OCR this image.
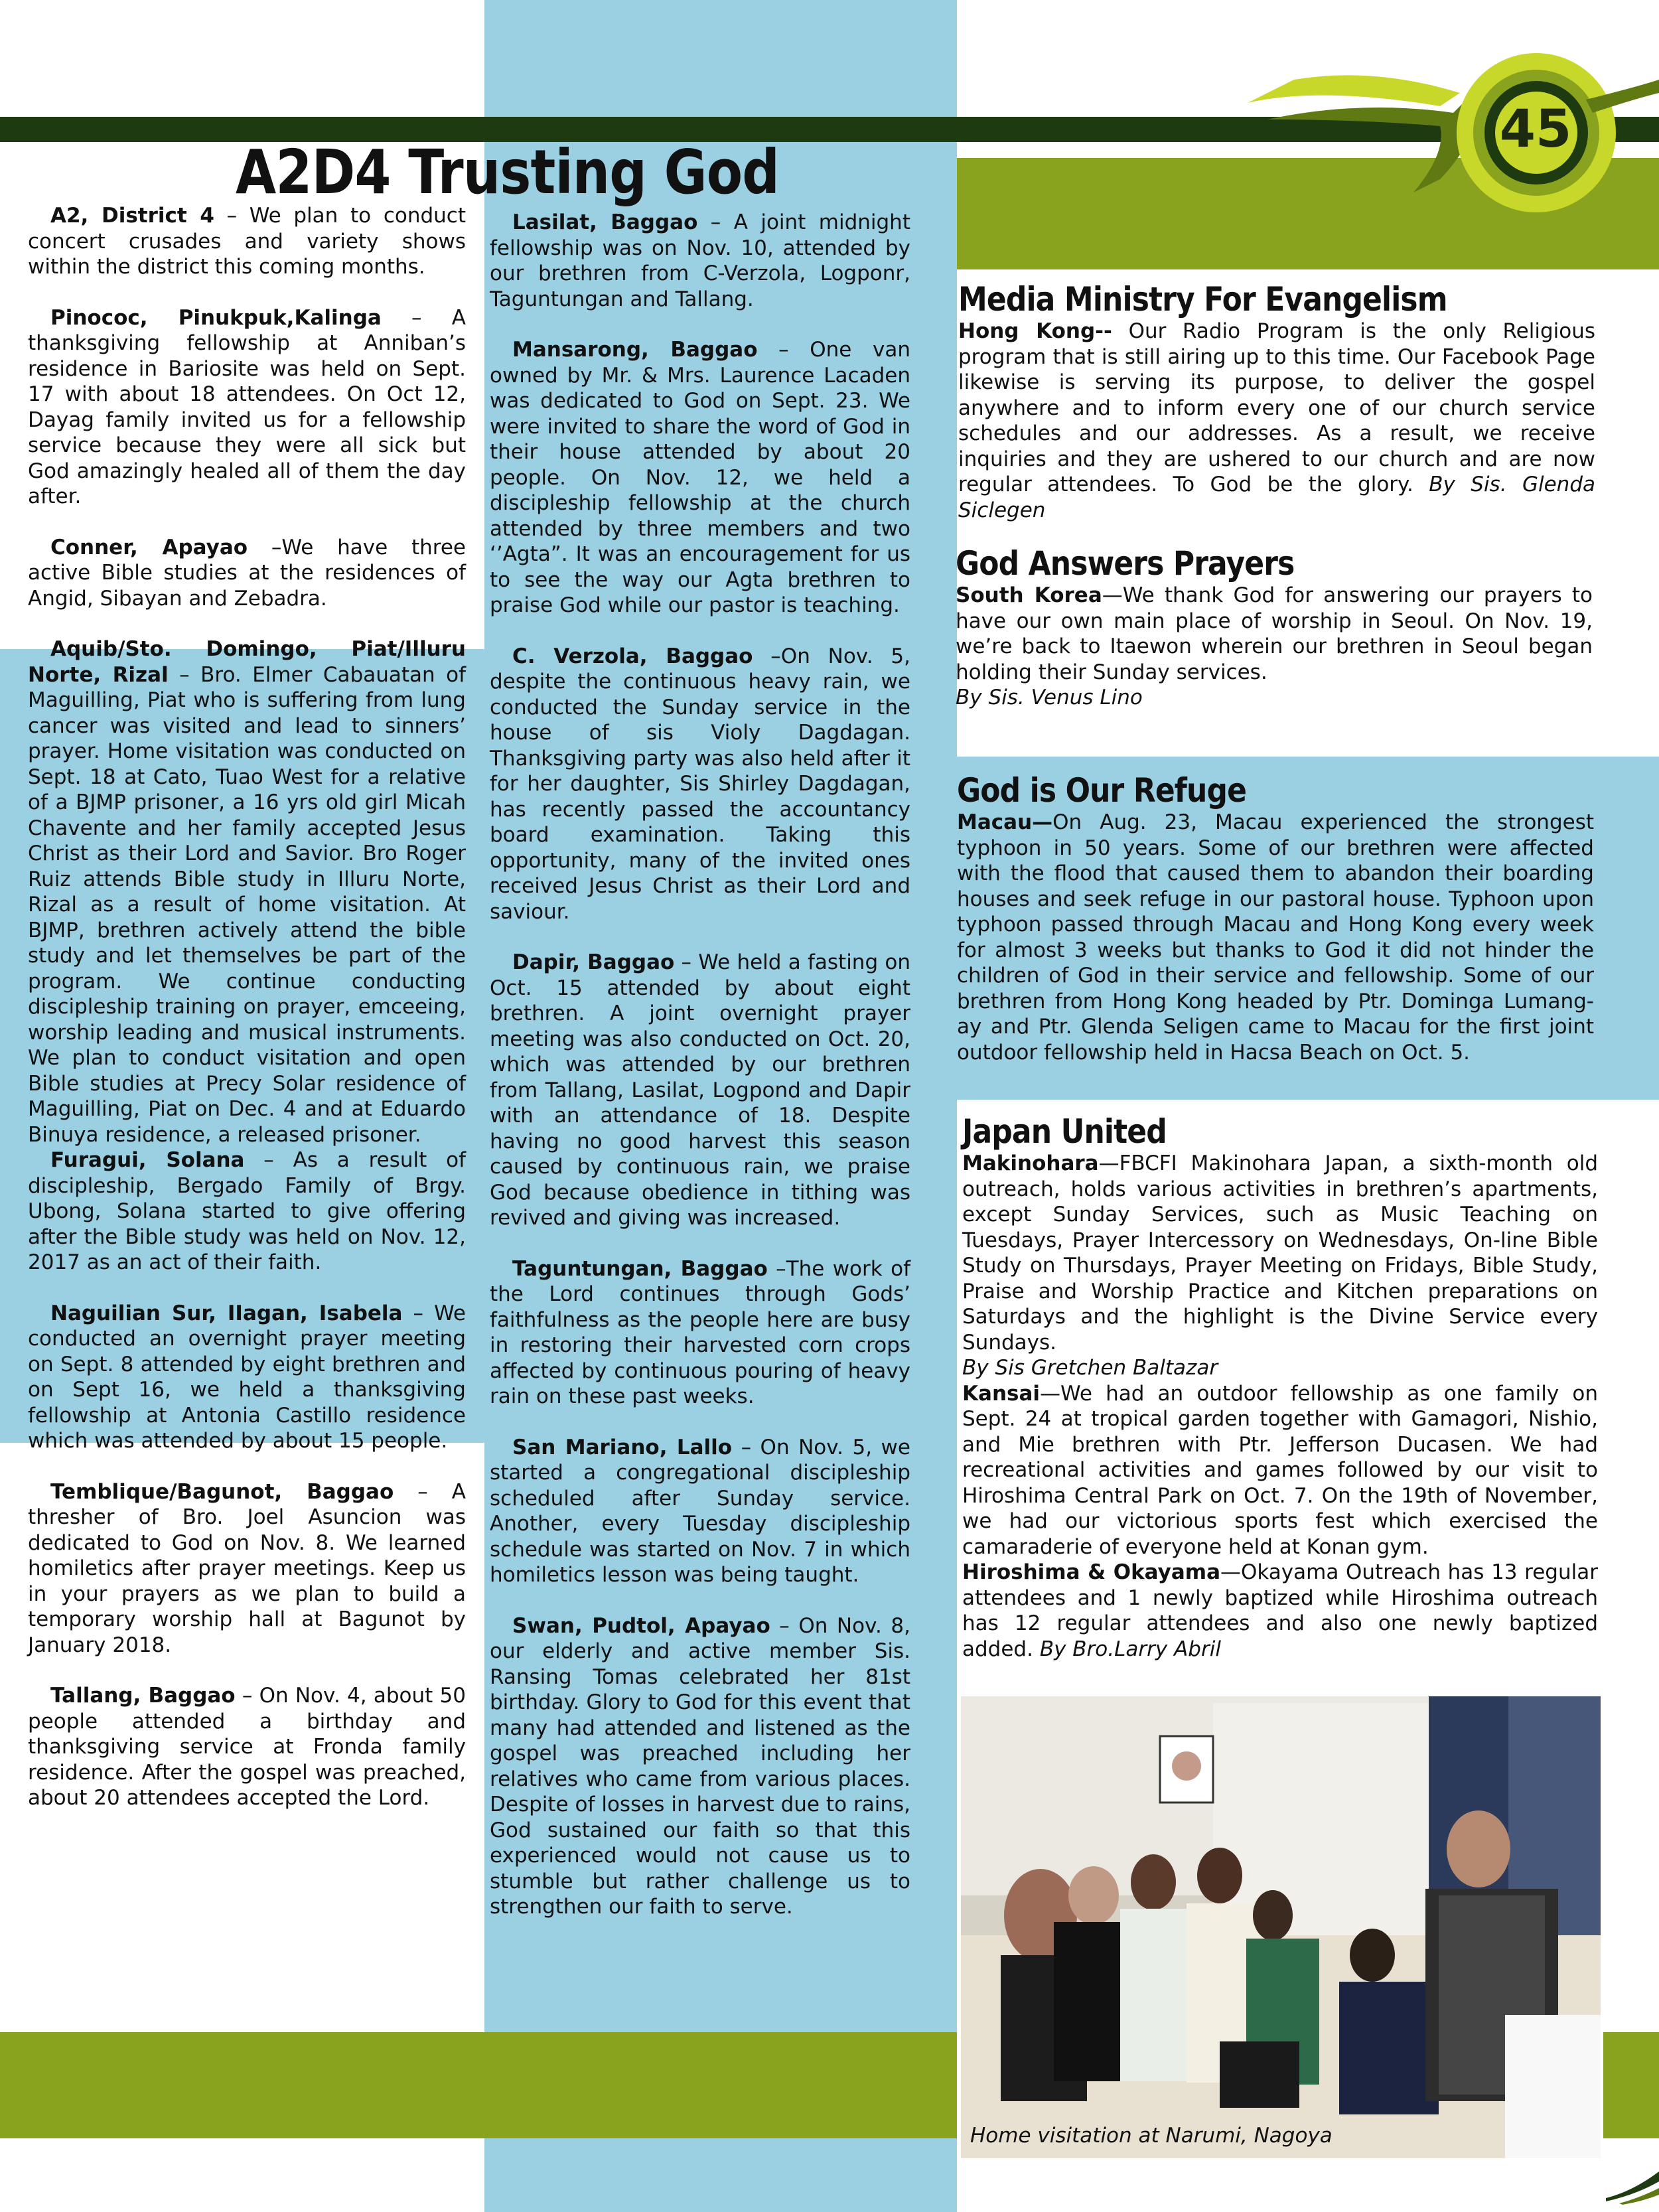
45
A2D4 Trusting God

A2, District 4 – We plan to conduct concert crusades and variety shows within the district this coming months.

Pinococ, Pinukpuk,Kalinga – A thanksgiving fellowship at Anniban’s residence in Bariosite was held on Sept. 17 with about 18 attendees. On Oct 12, Dayag family invited us for a fellowship service because they were all sick but God amazingly healed all of them the day after.

Conner, Apayao –We have three active Bible studies at the residences of Angid, Sibayan and Zebadra.

Aquib/Sto. Domingo, Piat/Illuru Norte, Rizal – Bro. Elmer Cabauatan of Maguilling, Piat who is suffering from lung cancer was visited and lead to sinners’ prayer. Home visitation was conducted on Sept. 18 at Cato, Tuao West for a relative of a BJMP prisoner, a 16 yrs old girl Micah Chavente and her family accepted Jesus Christ as their Lord and Savior. Bro Roger Ruiz attends Bible study in Illuru Norte, Rizal as a result of home visitation. At BJMP, brethren actively attend the bible study and let themselves be part of the program. We continue conducting discipleship training on prayer, emceeing, worship leading and musical instruments. We plan to conduct visitation and open Bible studies at Precy Solar residence of Maguilling, Piat on Dec. 4 and at Eduardo Binuya residence, a released prisoner.

Furagui, Solana – As a result of discipleship, Bergado Family of Brgy. Ubong, Solana started to give offering after the Bible study was held on Nov. 12, 2017 as an act of their faith.

Naguilian Sur, IIagan, Isabela – We conducted an overnight prayer meeting on Sept. 8 attended by eight brethren and on Sept 16, we held a thanksgiving fellowship at Antonia Castillo residence which was attended by about 15 people.

Temblique/Bagunot, Baggao – A thresher of Bro. Joel Asuncion was dedicated to God on Nov. 8. We learned homiletics after prayer meetings. Keep us in your prayers as we plan to build a temporary worship hall at Bagunot by January 2018.

Tallang, Baggao – On Nov. 4, about 50 people attended a birthday and thanksgiving service at Fronda family residence. After the gospel was preached, about 20 attendees accepted the Lord.

Lasilat, Baggao – A joint midnight fellowship was on Nov. 10, attended by our brethren from C-Verzola, Logponr, Taguntungan and Tallang.

Mansarong, Baggao – One van owned by Mr. & Mrs. Laurence Lacaden was dedicated to God on Sept. 23. We were invited to share the word of God in their house attended by about 20 people. On Nov. 12, we held a discipleship fellowship at the church attended by three members and two ‘’Agta”. It was an encouragement for us to see the way our Agta brethren to praise God while our pastor is teaching.

C. Verzola, Baggao –On Nov. 5, despite the continuous heavy rain, we conducted the Sunday service in the house of sis Violy Dagdagan. Thanksgiving party was also held after it for her daughter, Sis Shirley Dagdagan, has recently passed the accountancy board examination. Taking this opportunity, many of the invited ones received Jesus Christ as their Lord and saviour.

Dapir, Baggao – We held a fasting on Oct. 15 attended by about eight brethren. A joint overnight prayer meeting was also conducted on Oct. 20, which was attended by our brethren from Tallang, Lasilat, Logpond and Dapir with an attendance of 18. Despite having no good harvest this season caused by continuous rain, we praise God because obedience in tithing was revived and giving was increased.

Taguntungan, Baggao –The work of the Lord continues through Gods’ faithfulness as the people here are busy in restoring their harvested corn crops affected by continuous pouring of heavy rain on these past weeks.

San Mariano, Lallo – On Nov. 5, we started a congregational discipleship scheduled after Sunday service. Another, every Tuesday discipleship schedule was started on Nov. 7 in which homiletics lesson was being taught.

Swan, Pudtol, Apayao – On Nov. 8, our elderly and active member Sis. Ransing Tomas celebrated her 81st birthday. Glory to God for this event that many had attended and listened as the gospel was preached including her relatives who came from various places. Despite of losses in harvest due to rains, God sustained our faith so that this experienced would not cause us to stumble but rather challenge us to strengthen our faith to serve.

Media Ministry For Evangelism

Hong Kong-- Our Radio Program is the only Religious program that is still airing up to this time. Our Facebook Page likewise is serving its purpose, to deliver the gospel anywhere and to inform every one of our church service schedules and our addresses. As a result, we receive inquiries and they are ushered to our church and are now regular attendees. To God be the glory. By Sis. Glenda Siclegen

God Answers Prayers

South Korea—We thank God for answering our prayers to have our own main place of worship in Seoul. On Nov. 19, we’re back to Itaewon wherein our brethren in Seoul began holding their Sunday services.

By Sis. Venus Lino

God is Our Refuge

Macau—On Aug. 23, Macau experienced the strongest typhoon in 50 years. Some of our brethren were affected with the flood that caused them to abandon their boarding houses and seek refuge in our pastoral house. Typhoon upon typhoon passed through Macau and Hong Kong every week for almost 3 weeks but thanks to God it did not hinder the children of God in their service and fellowship. Some of our brethren from Hong Kong headed by Ptr. Dominga Lumang-ay and Ptr. Glenda Seligen came to Macau for the first joint outdoor fellowship held in Hacsa Beach on Oct. 5.

Japan United

Makinohara—FBCFI Makinohara Japan, a sixth-month old outreach, holds various activities in brethren’s apartments, except Sunday Services, such as Music Teaching on Tuesdays, Prayer Intercessory on Wednesdays, On-line Bible Study on Thursdays, Prayer Meeting on Fridays, Bible Study, Praise and Worship Practice and Kitchen preparations on Saturdays and the highlight is the Divine Service every Sundays.

By Sis Gretchen Baltazar

Kansai—We had an outdoor fellowship as one family on Sept. 24 at tropical garden together with Gamagori, Nishio, and Mie brethren with Ptr. Jefferson Ducasen. We had recreational activities and games followed by our visit to Hiroshima Central Park on Oct. 7. On the 19th of November, we had our victorious sports fest which exercised the camaraderie of everyone held at Konan gym.

Hiroshima & Okayama—Okayama Outreach has 13 regular attendees and 1 newly baptized while Hiroshima outreach has 12 regular attendees and also one newly baptized added. By Bro.Larry Abril

Home visitation at Narumi, Nagoya
